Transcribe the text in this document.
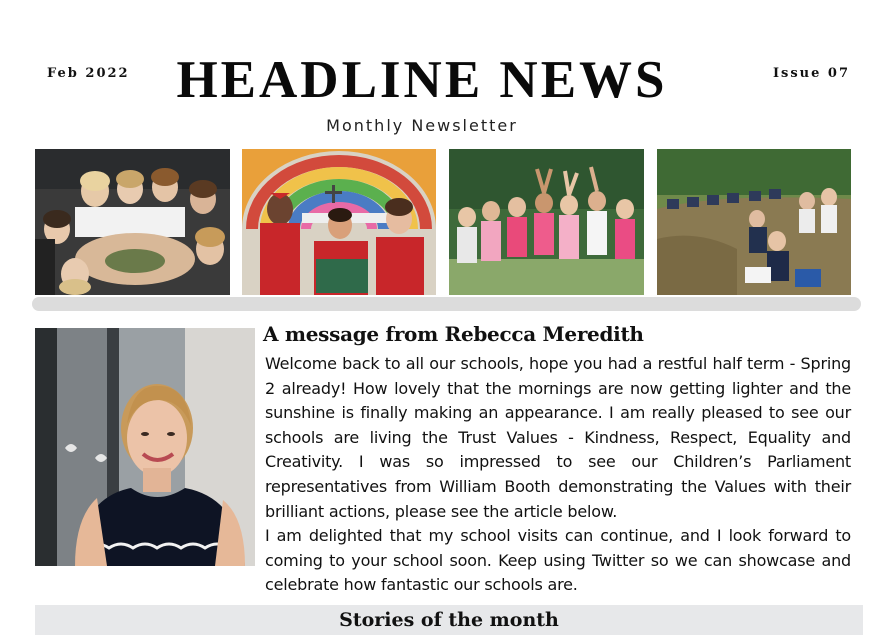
Feb 2022 HEADLINE NEWS	Issue 07
Monthly Newsletter
A message from Rebecca Meredith

Welcome back to all our schools, hope you had a restful half term - Spring 2 already! How lovely that the mornings are now getting lighter and the sunshine is finally making an appearance. I am really pleased to see our schools are living the Trust Values - Kindness, Respect, Equality and Creativity. I was so impressed to see our Children’s Parliament representatives from William Booth demonstrating the Values with their brilliant actions, please see the article below.

I am delighted that my school visits can continue, and I look forward to coming to your school soon. Keep using Twitter so we can showcase and celebrate how fantastic our schools are.

Stories of the month
